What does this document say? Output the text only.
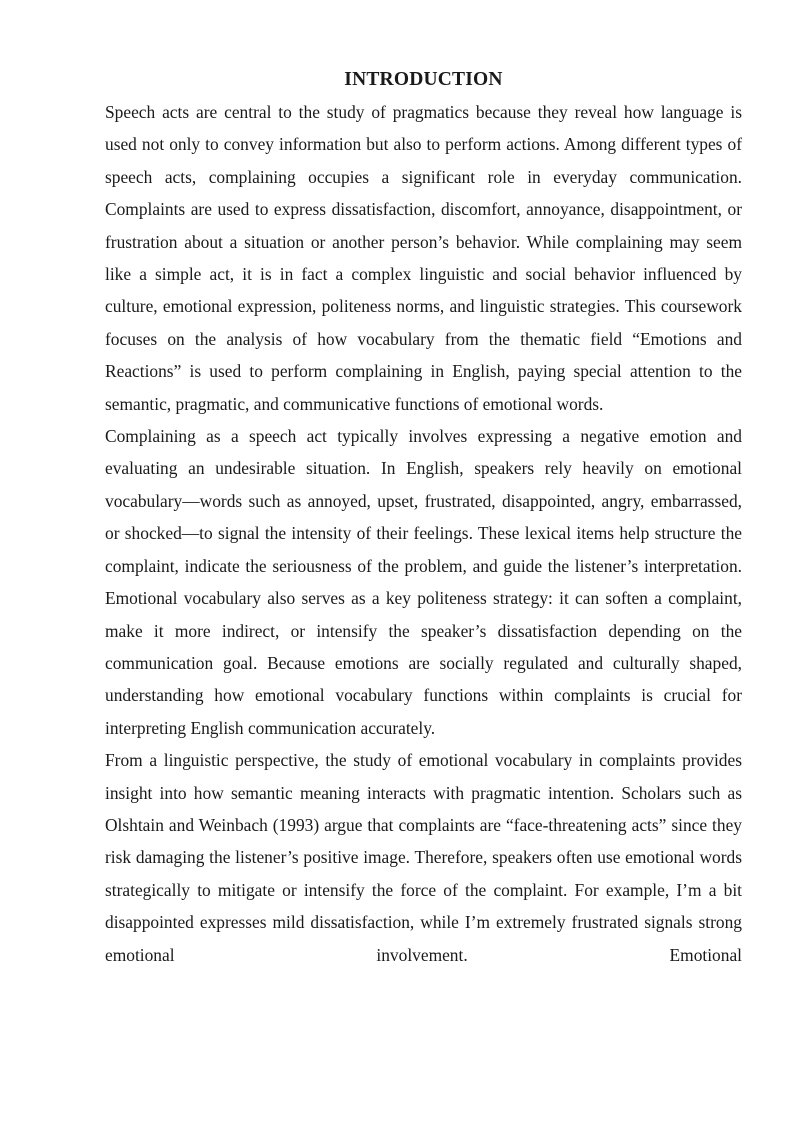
INTRODUCTION

Speech acts are central to the study of pragmatics because they reveal how language is used not only to convey information but also to perform actions. Among different types of speech acts, complaining occupies a significant role in everyday communication. Complaints are used to express dissatisfaction, discomfort, annoyance, disappointment, or frustration about a situation or another person’s behavior. While complaining may seem like a simple act, it is in fact a complex linguistic and social behavior influenced by culture, emotional expression, politeness norms, and linguistic strategies. This coursework focuses on the analysis of how vocabulary from the thematic field “Emotions and Reactions” is used to perform complaining in English, paying special attention to the semantic, pragmatic, and communicative functions of emotional words.

Complaining as a speech act typically involves expressing a negative emotion and evaluating an undesirable situation. In English, speakers rely heavily on emotional vocabulary—words such as annoyed, upset, frustrated, disappointed, angry, embarrassed, or shocked—to signal the intensity of their feelings. These lexical items help structure the complaint, indicate the seriousness of the problem, and guide the listener’s interpretation. Emotional vocabulary also serves as a key politeness strategy: it can soften a complaint, make it more indirect, or intensify the speaker’s dissatisfaction depending on the communication goal. Because emotions are socially regulated and culturally shaped, understanding how emotional vocabulary functions within complaints is crucial for interpreting English communication accurately.

From a linguistic perspective, the study of emotional vocabulary in complaints provides insight into how semantic meaning interacts with pragmatic intention. Scholars such as Olshtain and Weinbach (1993) argue that complaints are “face-threatening acts” since they risk damaging the listener’s positive image. Therefore, speakers often use emotional words strategically to mitigate or intensify the force of the complaint. For example, I’m a bit disappointed expresses mild dissatisfaction, while I’m extremely frustrated signals strong emotional involvement. Emotional
